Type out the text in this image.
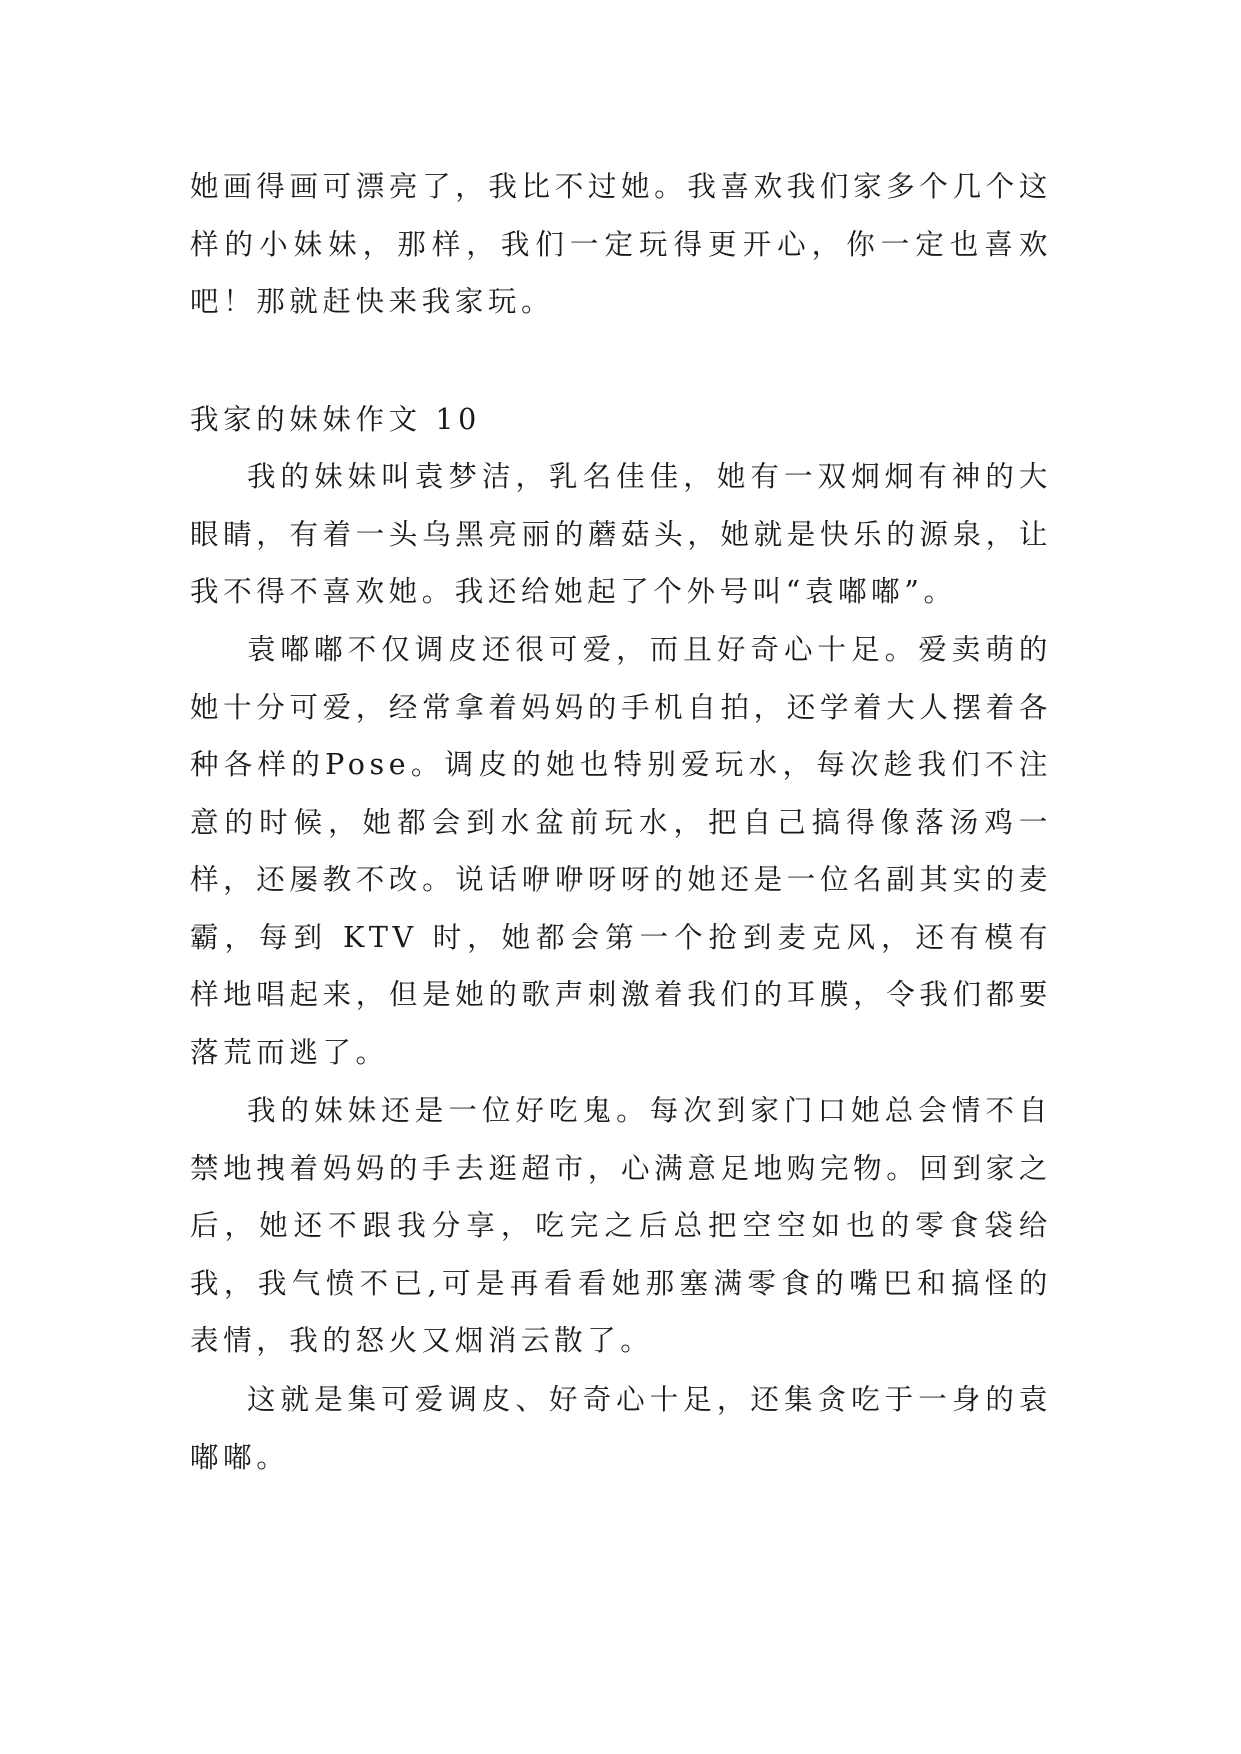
她画得画可漂亮了，我比不过她。我喜欢我们家多个几个这样的小妹妹，那样，我们一定玩得更开心，你一定也喜欢吧！那就赶快来我家玩。

我家的妹妹作文 10

我的妹妹叫袁梦洁，乳名佳佳，她有一双炯炯有神的大眼睛，有着一头乌黑亮丽的蘑菇头，她就是快乐的源泉，让我不得不喜欢她。我还给她起了个外号叫“袁嘟嘟”。

袁嘟嘟不仅调皮还很可爱，而且好奇心十足。爱卖萌的她十分可爱，经常拿着妈妈的手机自拍，还学着大人摆着各种各样的Pose。调皮的她也特别爱玩水，每次趁我们不注意的时候，她都会到水盆前玩水，把自己搞得像落汤鸡一样，还屡教不改。说话咿咿呀呀的她还是一位名副其实的麦霸，每到 KTV 时，她都会第一个抢到麦克风，还有模有样地唱起来，但是她的歌声刺激着我们的耳膜，令我们都要落荒而逃了。

我的妹妹还是一位好吃鬼。每次到家门口她总会情不自禁地拽着妈妈的手去逛超市，心满意足地购完物。回到家之后，她还不跟我分享，吃完之后总把空空如也的零食袋给我，我气愤不已,可是再看看她那塞满零食的嘴巴和搞怪的表情，我的怒火又烟消云散了。

这就是集可爱调皮、好奇心十足，还集贪吃于一身的袁嘟嘟。
